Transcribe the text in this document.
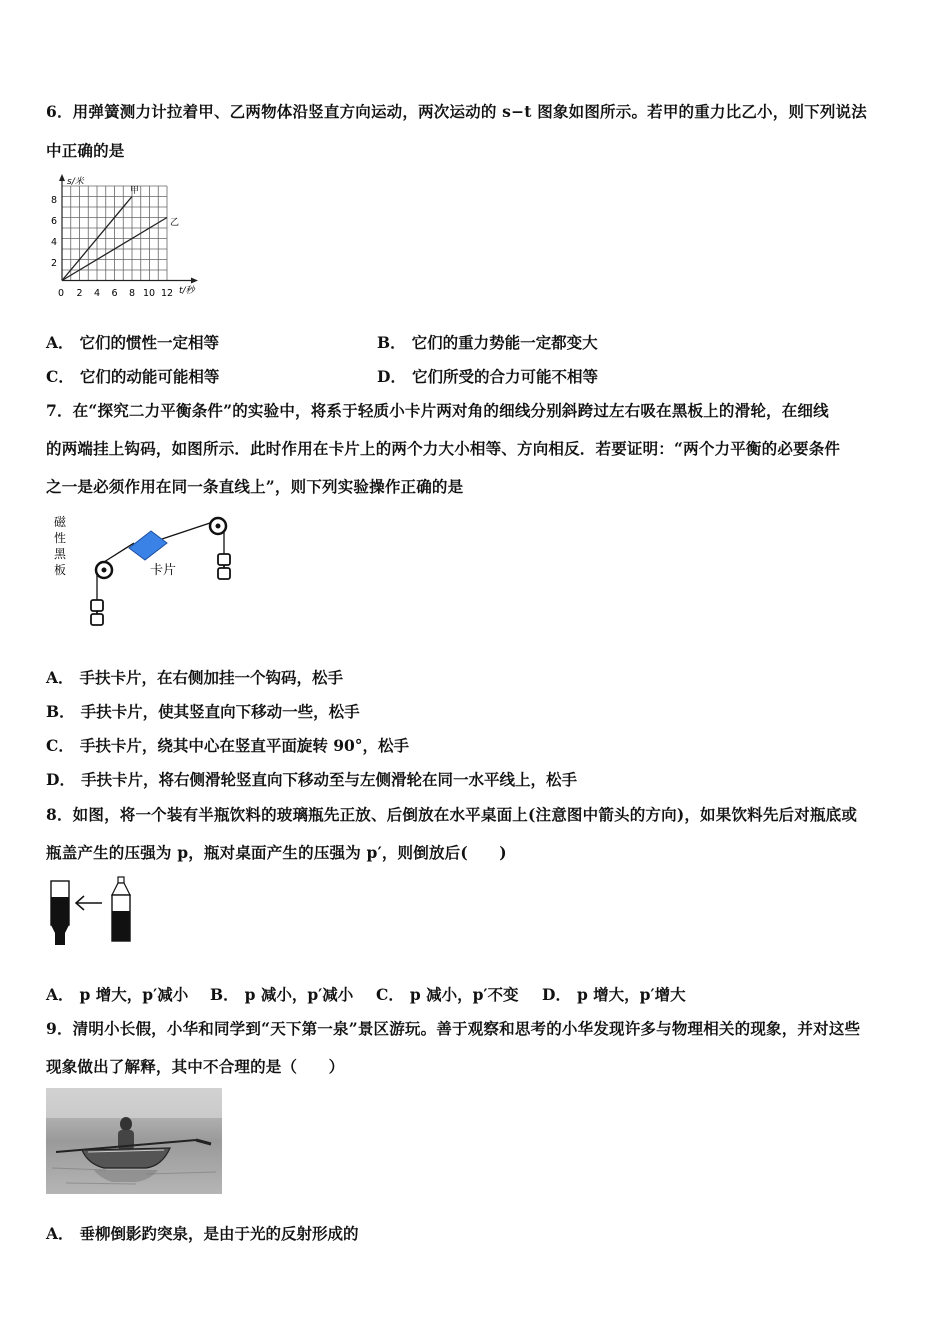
6．用弹簧测力计拉着甲、乙两物体沿竖直方向运动，两次运动的 s−t 图象如图所示。若甲的重力比乙小，则下列说法
中正确的是
s/米
t/秒
甲
乙
8
6
4
2
0 2 4 6 8 10 12
A． 它们的惯性一定相等	B． 它们的重力势能一定都变大
C． 它们的动能可能相等	D． 它们所受的合力可能不相等
7．在“探究二力平衡条件”的实验中，将系于轻质小卡片两对角的细线分别斜跨过左右吸在黑板上的滑轮，在细线
的两端挂上钩码，如图所示．此时作用在卡片上的两个力大小相等、方向相反．若要证明：“两个力平衡的必要条件
之一是必须作用在同一条直线上”，则下列实验操作正确的是
磁
性
黑
板	卡片
A． 手扶卡片，在右侧加挂一个钩码，松手
B． 手扶卡片，使其竖直向下移动一些，松手
C． 手扶卡片，绕其中心在竖直平面旋转 90°，松手
D． 手扶卡片，将右侧滑轮竖直向下移动至与左侧滑轮在同一水平线上，松手
8．如图，将一个装有半瓶饮料的玻璃瓶先正放、后倒放在水平桌面上(注意图中箭头的方向)，如果饮料先后对瓶底或
瓶盖产生的压强为 p，瓶对桌面产生的压强为 p′，则倒放后(　　)
A． p 增大，p′减小 B． p 减小，p′减小 C． p 减小，p′不变 D． p 增大，p′增大
9．清明小长假，小华和同学到“天下第一泉”景区游玩。善于观察和思考的小华发现许多与物理相关的现象，并对这些
现象做出了解释，其中不合理的是（　　）
A． 垂柳倒影趵突泉，是由于光的反射形成的
